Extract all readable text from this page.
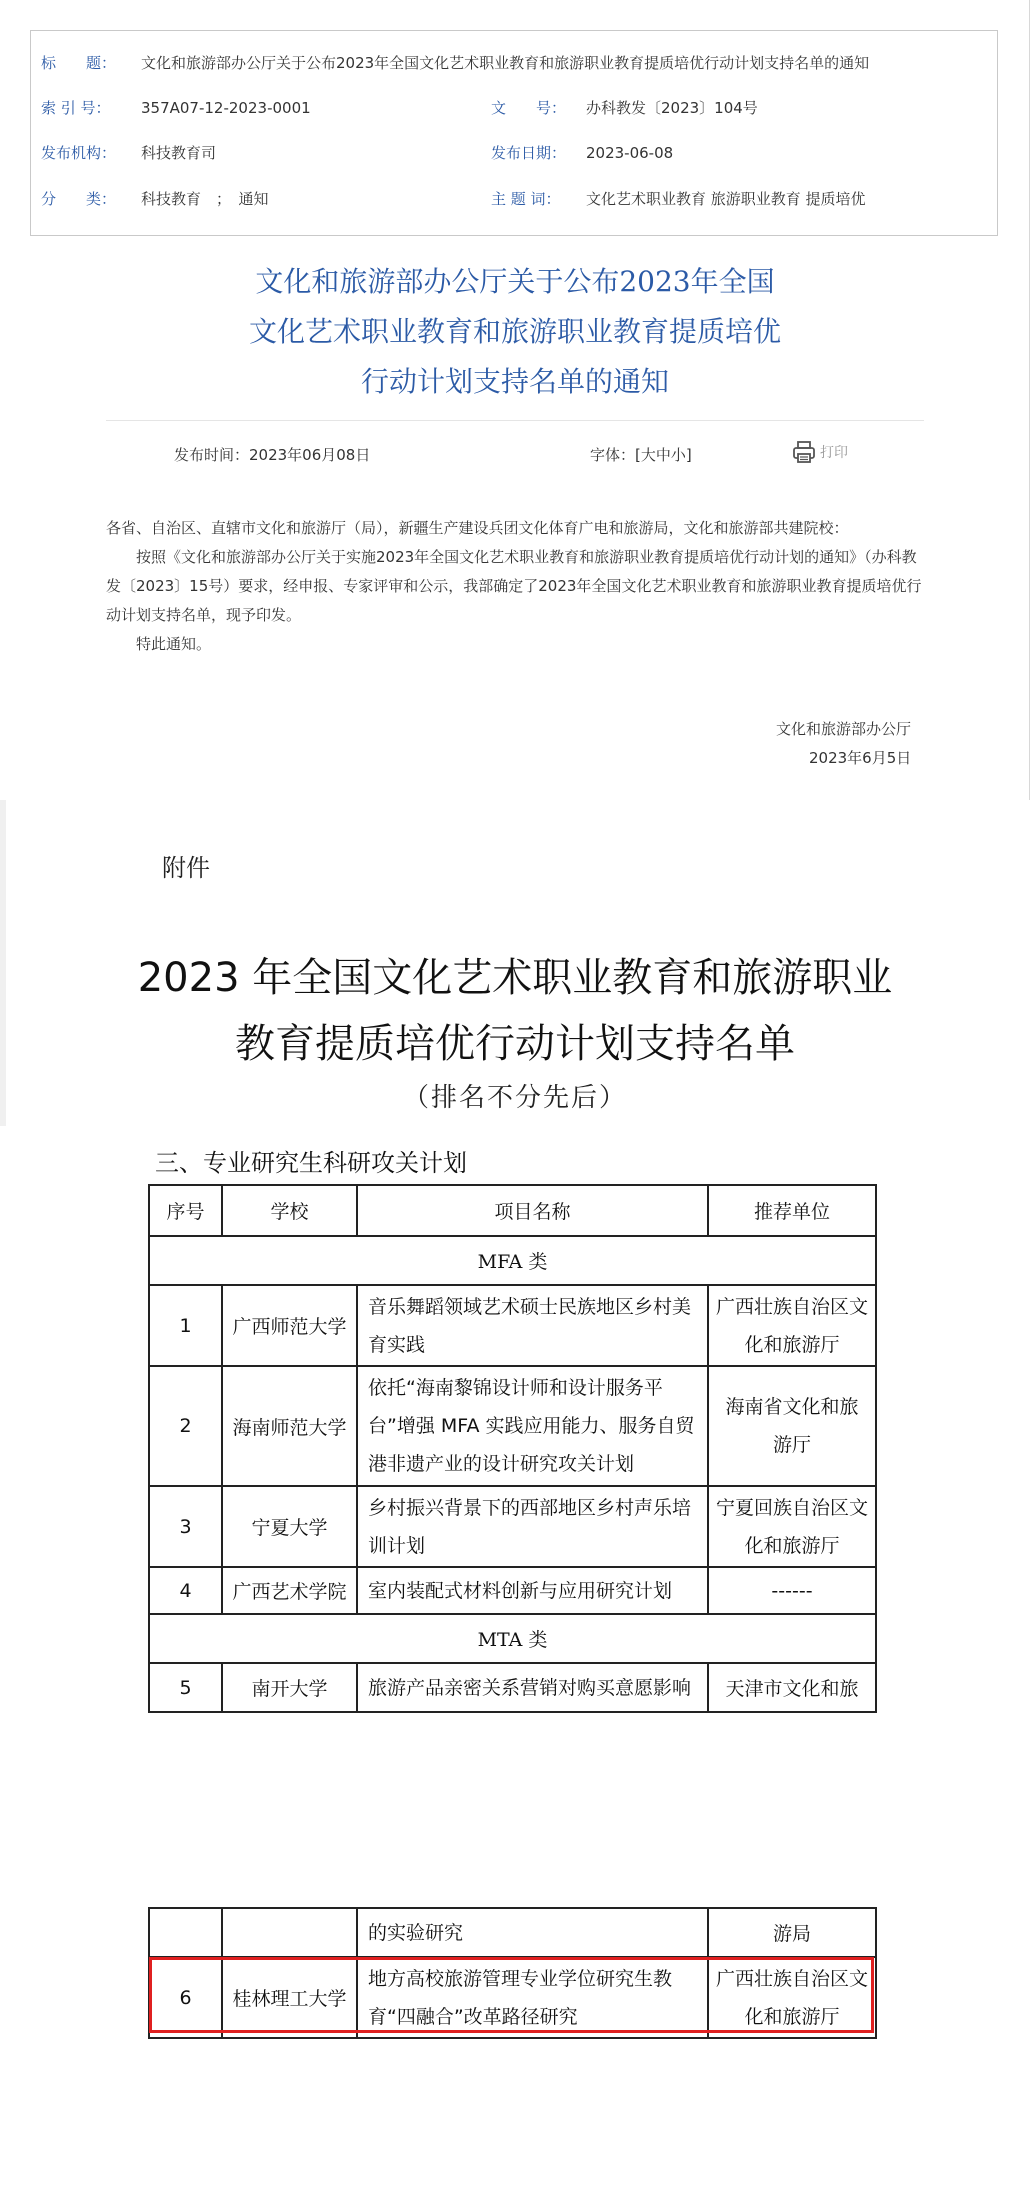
标　　题： 文化和旅游部办公厅关于公布2023年全国文化艺术职业教育和旅游职业教育提质培优行动计划支持名单的通知
索 引 号： 357A07-12-2023-0001	文　　号： 办科教发〔2023〕104号
发布机构： 科技教育司	发布日期： 2023-06-08
分　　类： 科技教育　；　通知	主 题 词： 文化艺术职业教育 旅游职业教育 提质培优
文化和旅游部办公厅关于公布2023年全国
文化艺术职业教育和旅游职业教育提质培优
行动计划支持名单的通知
发布时间：2023年06月08日	字体：[大中小]	打印
各省、自治区、直辖市文化和旅游厅（局），新疆生产建设兵团文化体育广电和旅游局，文化和旅游部共建院校：
按照《文化和旅游部办公厅关于实施2023年全国文化艺术职业教育和旅游职业教育提质培优行动计划的通知》（办科教发〔2023〕15号）要求，经申报、专家评审和公示，我部确定了2023年全国文化艺术职业教育和旅游职业教育提质培优行动计划支持名单，现予印发。
特此通知。
文化和旅游部办公厅
2023年6月5日
附件
2023 年全国文化艺术职业教育和旅游职业
教育提质培优行动计划支持名单
（排名不分先后）
三、专业研究生科研攻关计划
序号	学校	项目名称	推荐单位
MFA 类			
1	广西师范大学	音乐舞蹈领域艺术硕士民族地区乡村美育实践	广西壮族自治区文化和旅游厅
2	海南师范大学	依托“海南黎锦设计师和设计服务平台”增强 MFA 实践应用能力、服务自贸港非遗产业的设计研究攻关计划	海南省文化和旅游厅
3	宁夏大学	乡村振兴背景下的西部地区乡村声乐培训计划	宁夏回族自治区文化和旅游厅
4	广西艺术学院	室内装配式材料创新与应用研究计划	------
MTA 类			
5	南开大学	旅游产品亲密关系营销对购买意愿影响	天津市文化和旅
		的实验研究	游局
6	桂林理工大学	地方高校旅游管理专业学位研究生教育“四融合”改革路径研究	广西壮族自治区文化和旅游厅
